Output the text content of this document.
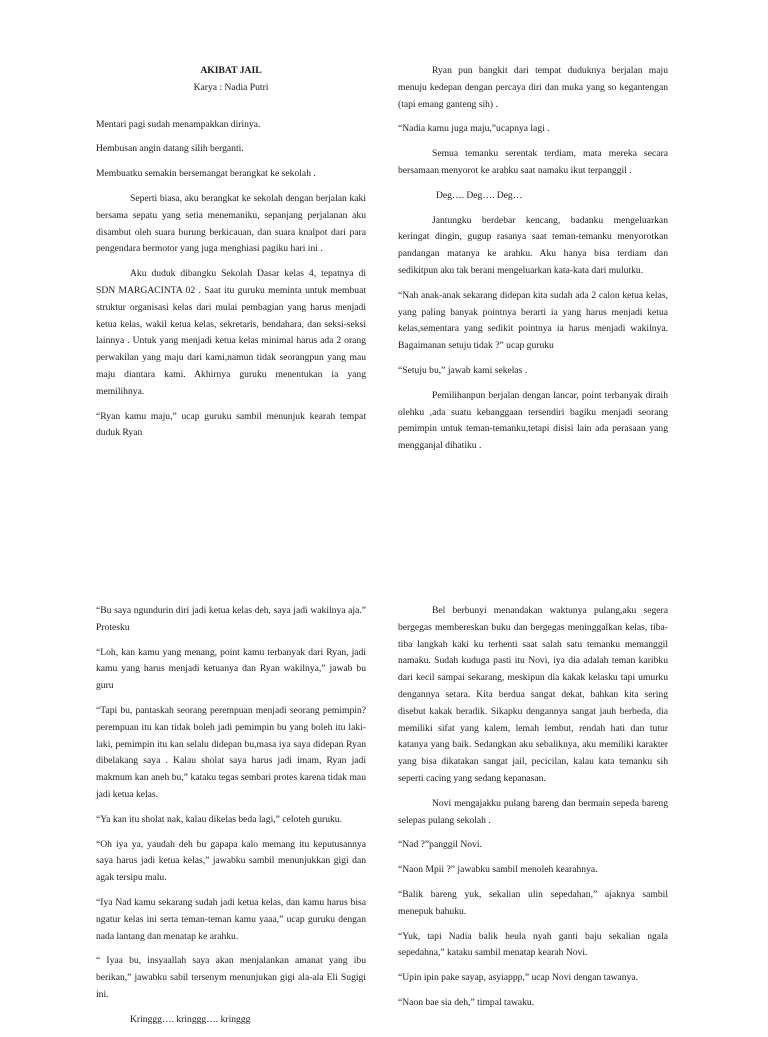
AKIBAT JAIL

Karya : Nadia Putri

Mentari pagi sudah menampakkan dirinya.

Hembusan angin datang silih berganti.

Membuatku semakin bersemangat berangkat ke sekolah .

Seperti biasa, aku berangkat ke sekolah dengan berjalan kaki bersama sepatu yang setia menemaniku, sepanjang perjalanan aku disambut oleh suara burung berkicauan, dan suara knalpot dari para pengendara bermotor yang juga menghiasi pagiku hari ini .

Aku duduk dibangku Sekolah Dasar kelas 4, tepatnya di SDN MARGACINTA 02 . Saat itu guruku meminta untuk membuat struktur organisasi kelas dari mulai pembagian yang harus menjadi ketua kelas, wakil ketua kelas, sekretaris, bendahara, dan seksi-seksi lainnya . Untuk yang menjadi ketua kelas minimal harus ada 2 orang perwakilan yang maju dari kami,namun tidak seorangpun yang mau maju diantara kami. Akhirnya guruku menentukan ia yang memilihnya.

“Ryan kamu maju,” ucap guruku sambil menunjuk kearah tempat duduk Ryan

Ryan pun bangkit dari tempat duduknya berjalan maju menuju kedepan dengan percaya diri dan muka yang so kegantengan (tapi emang ganteng sih) .

“Nadia kamu juga maju,”ucapnya lagi .

Semua temanku serentak terdiam, mata mereka secara bersamaan menyorot ke arahku saat namaku ikut terpanggil .

Deg…. Deg…. Deg…

Jantungku berdebar kencang, badanku mengeluarkan keringat dingin, gugup rasanya saat teman-temanku menyorotkan pandangan matanya ke arahku. Aku hanya bisa terdiam dan sedikitpun aku tak berani mengeluarkan kata-kata dari mulutku.

“Nah anak-anak sekarang didepan kita sudah ada 2 calon ketua kelas, yang paling banyak pointnya berarti ia yang harus menjadi ketua kelas,sementara yang sedikit pointnya ia harus menjadi wakilnya. Bagaimanan setuju tidak ?” ucap guruku

“Setuju bu,” jawab kami sekelas .

Pemilihanpun berjalan dengan lancar, point terbanyak diraih olehku ,ada suatu kebanggaan tersendiri bagiku menjadi seorang pemimpin untuk teman-temanku,tetapi disisi lain ada perasaan yang mengganjal dihatiku .

“Bu saya ngundurin diri jadi ketua kelas deh, saya jadi wakilnya aja.” Protesku

“Loh, kan kamu yang menang, point kamu terbanyak dari Ryan, jadi kamu yang harus menjadi ketuanya dan Ryan wakilnya,” jawab bu guru

“Tapi bu, pantaskah seorang perempuan menjadi seorang pemimpin? perempuan itu kan tidak boleh jadi pemimpin bu yang boleh itu laki-laki, pemimpin itu kan selalu didepan bu,masa iya saya didepan Ryan dibelakang saya . Kalau sholat saya harus jadi imam, Ryan jadi makmum kan aneh bu,” kataku tegas sembari protes karena tidak mau jadi ketua kelas.

“Ya kan itu sholat nak, kalau dikelas beda lagi,” celoteh guruku.

“Oh iya ya, yaudah deh bu gapapa kalo memang itu keputusannya saya harus jadi ketua kelas,” jawabku sambil menunjukkan gigi dan agak tersipu malu.

“Iya Nad kamu sekarang sudah jadi ketua kelas, dan kamu harus bisa ngatur kelas ini serta teman-teman kamu yaaa,” ucap guruku dengan nada lantang dan menatap ke arahku.

“ Iyaa bu, insyaallah saya akan menjalankan amanat yang ibu berikan,” jawabku sabil tersenym menunjukan gigi ala-ala Eli Sugigi ini.

Kringgg…. kringgg…. kringgg

Bel berbunyi menandakan waktunya pulang,aku segera bergegas membereskan buku dan bergegas meninggalkan kelas, tiba-tiba langkah kaki ku terhenti saat salah satu temanku memanggil namaku. Sudah kuduga pasti itu Novi, iya dia adalah teman karibku dari kecil sampai sekarang, meskipun dia kakak kelasku tapi umurku dengannya setara. Kita berdua sangat dekat, bahkan kita sering disebut kakak beradik. Sikapku dengannya sangat jauh berbeda, dia memiliki sifat yang kalem, lemah lembut, rendah hati dan tutur katanya yang baik. Sedangkan aku sebaliknya, aku memiliki karakter yang bisa dikatakan sangat jail, pecicilan, kalau kata temanku sih seperti cacing yang sedang kepanasan.

Novi mengajakku pulang bareng dan bermain sepeda bareng selepas pulang sekolah .

“Nad ?”panggil Novi.

“Naon Mpii ?” jawabku sambil menoleh kearahnya.

“Balik bareng yuk, sekalian ulin sepedahan,” ajaknya sambil menepuk bahuku.

“Yuk, tapi Nadia balik heula nyah ganti baju sekalian ngala sepedahna,” kataku sambil menatap kearah Novi.

“Upin ipin pake sayap, asyiappp,” ucap Novi dengan tawanya.

“Naon bae sia deh,” timpal tawaku.
